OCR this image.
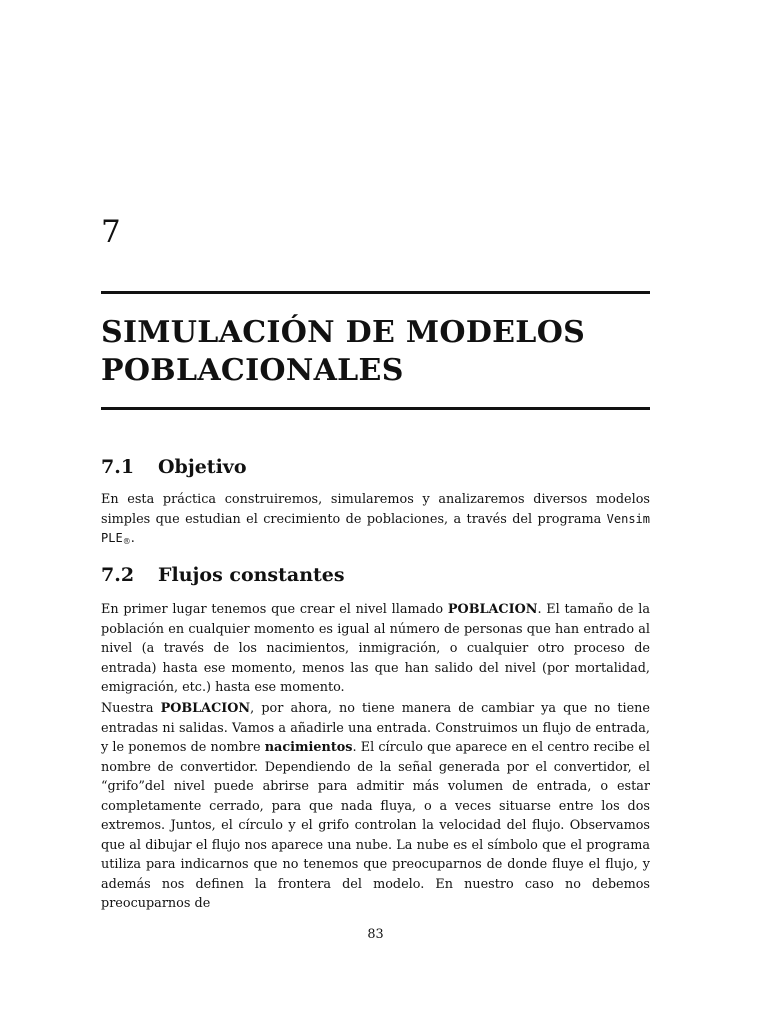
7
SIMULACIÓN DE MODELOS POBLACIONALES
7.1 Objetivo

En esta práctica construiremos, simularemos y analizaremos diversos modelos simples que estudian el crecimiento de poblaciones, a través del programa Vensim PLE®.

7.2 Flujos constantes

En primer lugar tenemos que crear el nivel llamado POBLACION. El tamaño de la población en cualquier momento es igual al número de personas que han entrado al nivel (a través de los nacimientos, inmigración, o cualquier otro proceso de entrada) hasta ese momento, menos las que han salido del nivel (por mortalidad, emigración, etc.) hasta ese momento.

Nuestra POBLACION, por ahora, no tiene manera de cambiar ya que no tiene entradas ni salidas. Vamos a añadirle una entrada. Construimos un flujo de entrada, y le ponemos de nombre nacimientos. El círculo que aparece en el centro recibe el nombre de convertidor. Dependiendo de la señal generada por el convertidor, el “grifo”del nivel puede abrirse para admitir más volumen de entrada, o estar completamente cerrado, para que nada fluya, o a veces situarse entre los dos extremos. Juntos, el círculo y el grifo controlan la velocidad del flujo. Observamos que al dibujar el flujo nos aparece una nube. La nube es el símbolo que el programa utiliza para indicarnos que no tenemos que preocuparnos de donde fluye el flujo, y además nos definen la frontera del modelo. En nuestro caso no debemos preocuparnos de

83
